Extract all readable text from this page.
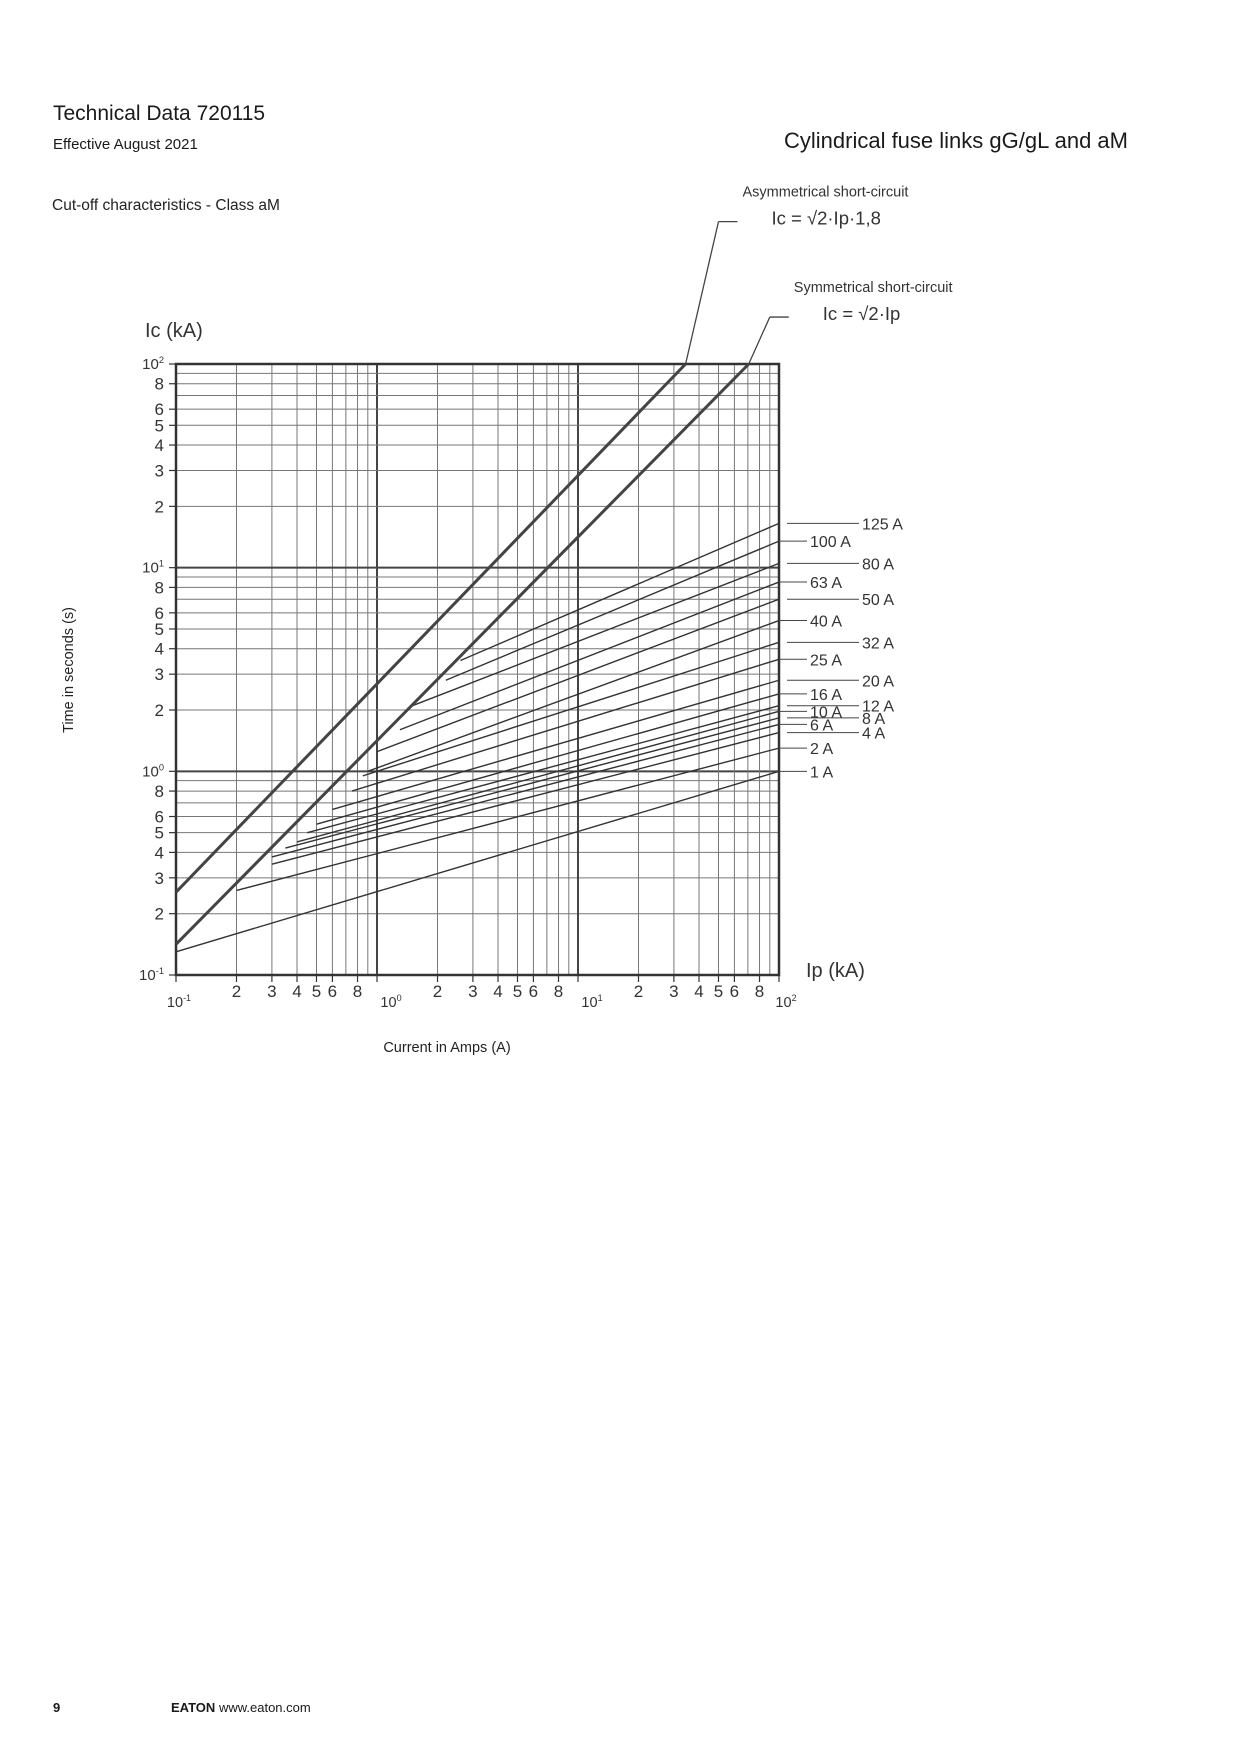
Technical Data 720115
Effective August 2021	Cylindrical fuse links gG/gL and aM
Cut-off characteristics - Class aM
Asymmetrical short-circuit
Ic = √2·Ip·1,8
Symmetrical short-circuit
Ic = √2·Ip
$10^{-1}$ 2 3 4 5 6 8
$10^0$ 2 3 4 5 6 8
$10^1$ 2 3 4 5 6 8
$10^2$
$10^2$
8
6
5
4
3
2
$10^1$
8
6
5
4
3
2
$10^0$
8
6
5
4
3
2
$10^{-1}$
125 A
100 A
80 A
63 A
50 A
40 A
32 A
25 A
20 A
16 A
12 A
10 A 8 A
6 A 4 A
2 A
1 A
Current in Amps (A)
Time in seconds (s)
Ip (kA)
Ic (kA)
9	EATON www.eaton.com
